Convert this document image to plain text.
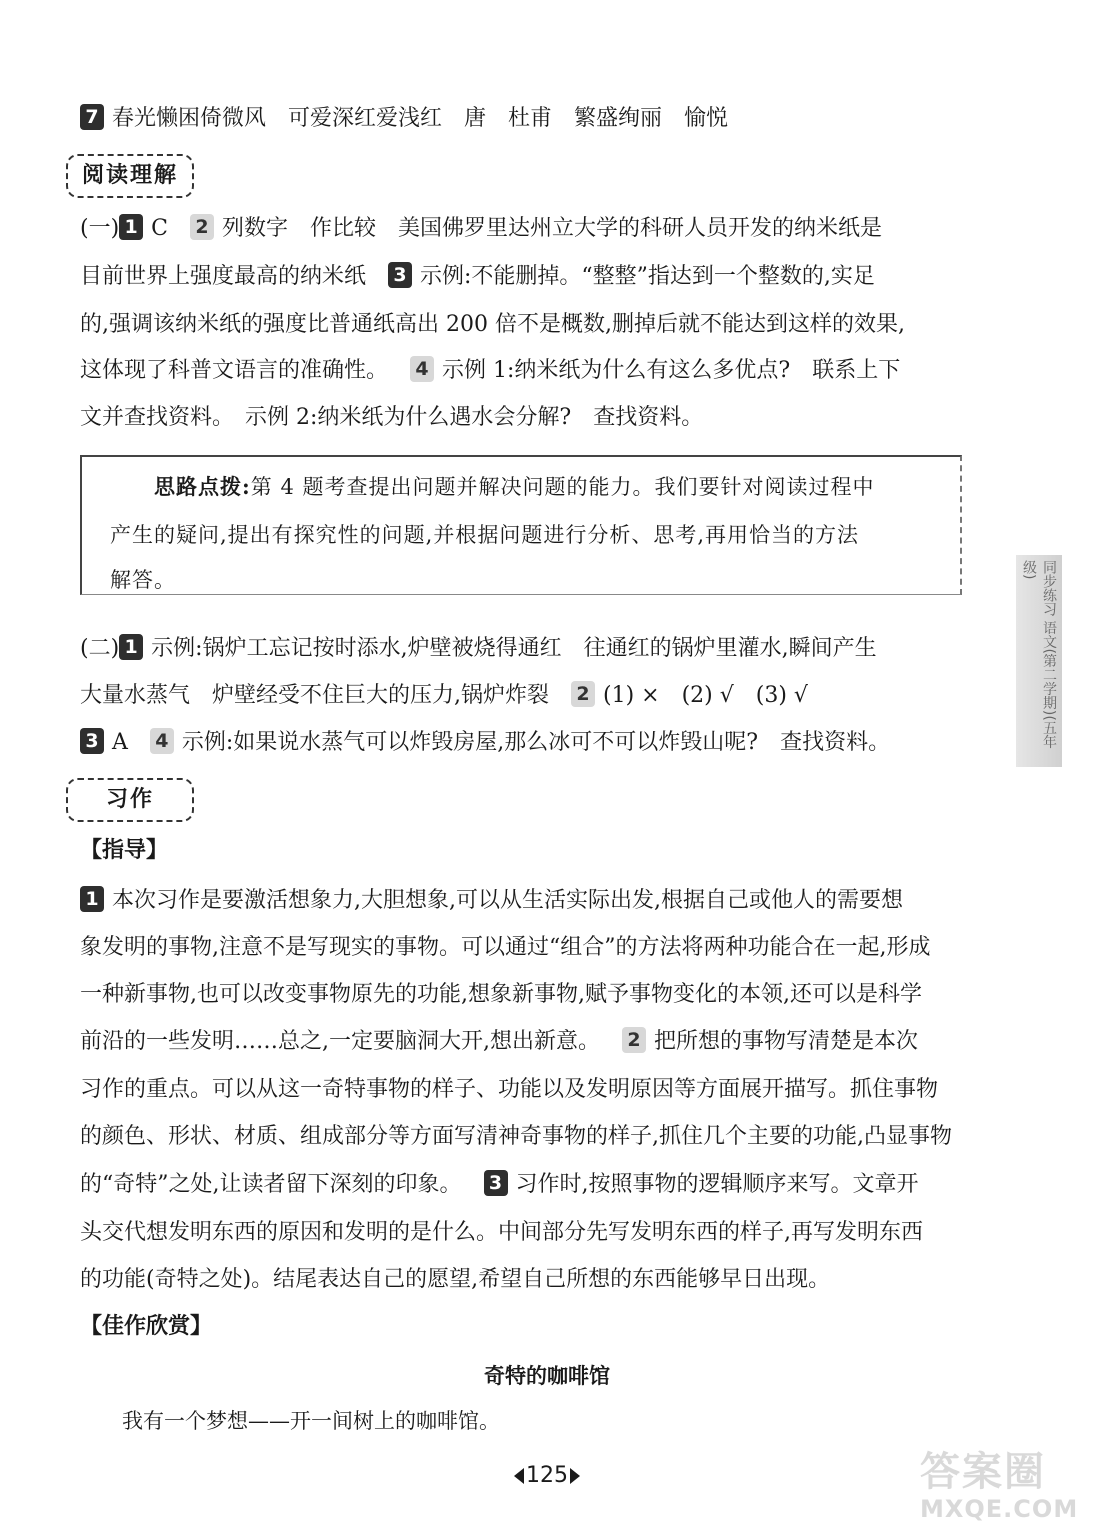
7 春光懒困倚微风　可爱深红爱浅红　唐　杜甫　繁盛绚丽　愉悦
阅读理解
(一) 1 C 2 列数字　作比较　美国佛罗里达州立大学的科研人员开发的纳米纸是
目前世界上强度最高的纳米纸 3 示例:不能删掉。“整整”指达到一个整数的,实足
的,强调该纳米纸的强度比普通纸高出 200 倍不是概数,删掉后就不能达到这样的效果,
这体现了科普文语言的准确性。 4 示例 1:纳米纸为什么有这么多优点?　联系上下
文并查找资料。　示例 2:纳米纸为什么遇水会分解?　查找资料。
思路点拨:第 4 题考查提出问题并解决问题的能力。我们要针对阅读过程中
产生的疑问,提出有探究性的问题,并根据问题进行分析、思考,再用恰当的方法
解答。
(二) 1 示例:锅炉工忘记按时添水,炉壁被烧得通红　往通红的锅炉里灌水,瞬间产生
大量水蒸气　炉壁经受不住巨大的压力,锅炉炸裂 2 (1) ×　(2) √　(3) √
3 A 4 示例:如果说水蒸气可以炸毁房屋,那么冰可不可以炸毁山呢?　查找资料。
习作
【指导】
1 本次习作是要激活想象力,大胆想象,可以从生活实际出发,根据自己或他人的需要想
象发明的事物,注意不是写现实的事物。可以通过“组合”的方法将两种功能合在一起,形成
一种新事物,也可以改变事物原先的功能,想象新事物,赋予事物变化的本领,还可以是科学
前沿的一些发明……总之,一定要脑洞大开,想出新意。 2 把所想的事物写清楚是本次
习作的重点。可以从这一奇特事物的样子、功能以及发明原因等方面展开描写。抓住事物
的颜色、形状、材质、组成部分等方面写清神奇事物的样子,抓住几个主要的功能,凸显事物
的“奇特”之处,让读者留下深刻的印象。 3 习作时,按照事物的逻辑顺序来写。文章开
头交代想发明东西的原因和发明的是什么。中间部分先写发明东西的样子,再写发明东西
的功能(奇特之处)。结尾表达自己的愿望,希望自己所想的东西能够早日出现。
【佳作欣赏】
奇特的咖啡馆
我有一个梦想——开一间树上的咖啡馆。
同步练习 语文(第二学期)(五年级)
125	答案圈
MXQE.COM
